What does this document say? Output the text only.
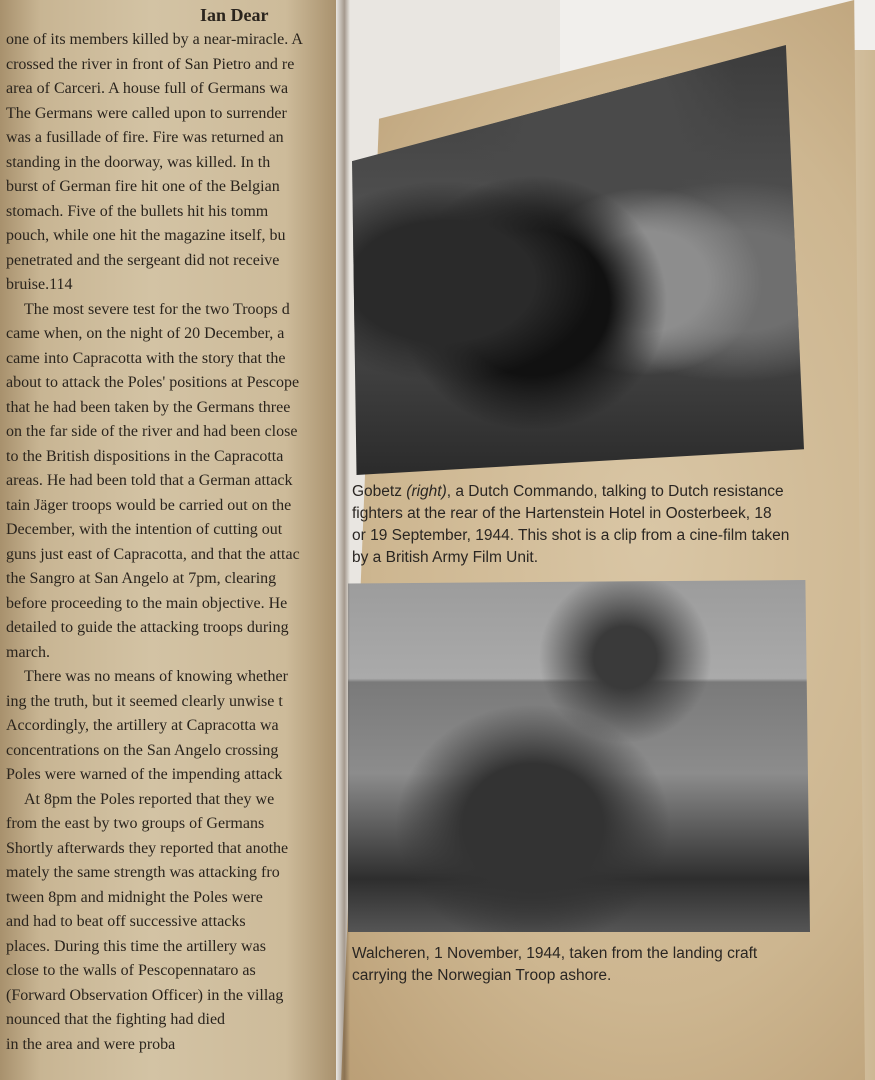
Gobetz (right), a Dutch Commando, talking to Dutch resistance
fighters at the rear of the Hartenstein Hotel in Oosterbeek, 18
or 19 September, 1944. This shot is a clip from a cine-film taken
by a British Army Film Unit.
Walcheren, 1 November, 1944, taken from the landing craft
carrying the Norwegian Troop ashore.
Ian Dear
one of its members killed by a near-miracle. A
crossed the river in front of San Pietro and re
area of Carceri. A house full of Germans wa
The Germans were called upon to surrender
was a fusillade of fire. Fire was returned an
standing in the doorway, was killed. In th
burst of German fire hit one of the Belgian
stomach. Five of the bullets hit his tomm
pouch, while one hit the magazine itself, bu
penetrated and the sergeant did not receive
bruise.114
The most severe test for the two Troops d
came when, on the night of 20 December, a
came into Capracotta with the story that the
about to attack the Poles' positions at Pescope
that he had been taken by the Germans three
on the far side of the river and had been close
to the British dispositions in the Capracotta
areas. He had been told that a German attack
tain Jäger troops would be carried out on the
December, with the intention of cutting out
guns just east of Capracotta, and that the attac
the Sangro at San Angelo at 7pm, clearing
before proceeding to the main objective. He
detailed to guide the attacking troops during
march.
There was no means of knowing whether
ing the truth, but it seemed clearly unwise t
Accordingly, the artillery at Capracotta wa
concentrations on the San Angelo crossing
Poles were warned of the impending attack
At 8pm the Poles reported that they we
from the east by two groups of Germans
Shortly afterwards they reported that anothe
mately the same strength was attacking fro
tween 8pm and midnight the Poles were
and had to beat off successive attacks
places. During this time the artillery was
close to the walls of Pescopennataro as
(Forward Observation Officer) in the villag
nounced that the fighting had died
in the area and were proba
